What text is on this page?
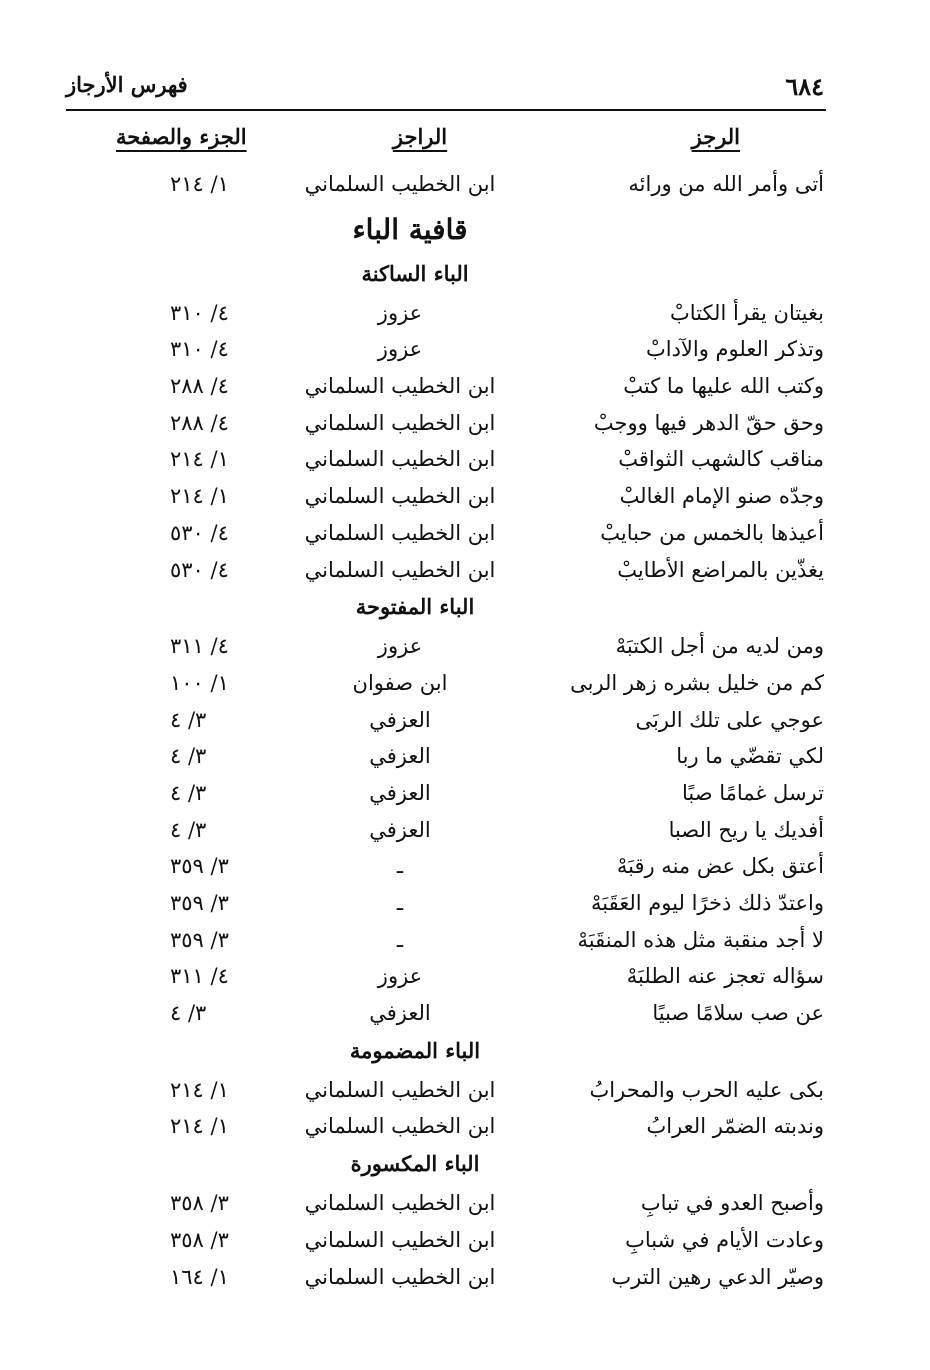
٦٨٤
فهرس الأرجاز
الرجز
الراجز
الجزء والصفحة
أتى وأمر الله من ورائه
ابن الخطيب السلماني
١/ ٢١٤
قافية الباء
الباء الساكنة
بغيتان يقرأ الكتابْ
عزوز
٤/ ٣١٠
وتذكر العلوم والآدابْ
عزوز
٤/ ٣١٠
وكتب الله عليها ما كتبْ
ابن الخطيب السلماني
٤/ ٢٨٨
وحق حقّ الدهر فيها ووجبْ
ابن الخطيب السلماني
٤/ ٢٨٨
مناقب كالشهب الثواقبْ
ابن الخطيب السلماني
١/ ٢١٤
وجدّه صنو الإمام الغالبْ
ابن الخطيب السلماني
١/ ٢١٤
أعيذها بالخمس من حبايبْ
ابن الخطيب السلماني
٤/ ٥٣٠
يغذّين بالمراضع الأطايبْ
ابن الخطيب السلماني
٤/ ٥٣٠
الباء المفتوحة
ومن لديه من أجل الكتبَهْ
عزوز
٤/ ٣١١
كم من خليل بشره زهر الربى
ابن صفوان
١/ ١٠٠
عوجي على تلك الربَى
العزفي
٣/ ٤
لكي تقضّي ما ربا
العزفي
٣/ ٤
ترسل غمامًا صبًا
العزفي
٣/ ٤
أفديك يا ريح الصبا
العزفي
٣/ ٤
أعتق بكل عض منه رقبَهْ
ـ
٣/ ٣٥٩
واعتدّ ذلك ذخرًا ليوم العَقَبَهْ
ـ
٣/ ٣٥٩
لا أجد منقبة مثل هذه المنقَبَهْ
ـ
٣/ ٣٥٩
سؤاله تعجز عنه الطلبَهْ
عزوز
٤/ ٣١١
عن صب سلامًا صبيًا
العزفي
٣/ ٤
الباء المضمومة
بكى عليه الحرب والمحرابُ
ابن الخطيب السلماني
١/ ٢١٤
وندبته الضمّر العرابُ
ابن الخطيب السلماني
١/ ٢١٤
الباء المكسورة
وأصبح العدو في تبابِ
ابن الخطيب السلماني
٣/ ٣٥٨
وعادت الأيام في شبابِ
ابن الخطيب السلماني
٣/ ٣٥٨
وصيّر الدعي رهين الترب
ابن الخطيب السلماني
١/ ١٦٤
